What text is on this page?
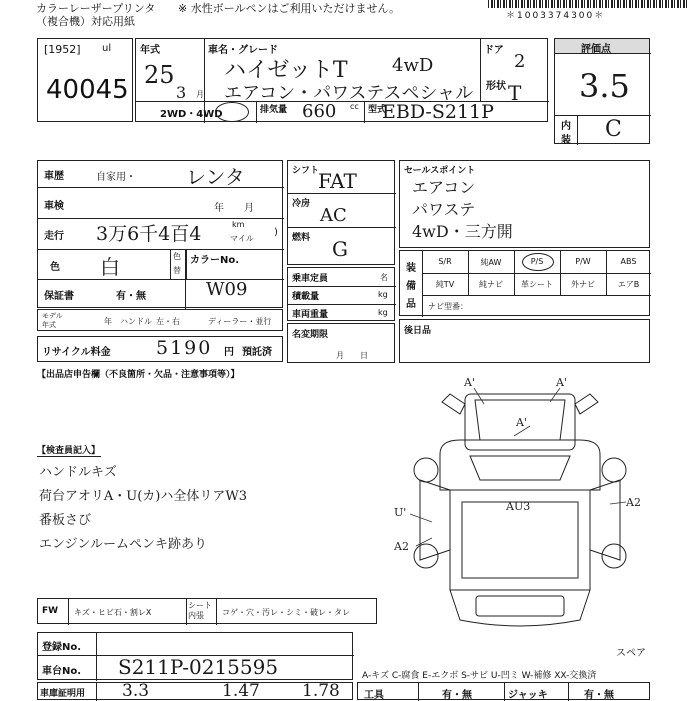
カラーレーザープリンタ
（複合機）対応用紙
※ 水性ボールペンはご利用いただけません。
＊1003374300＊
[1952] ul
40045
年式
25
3 月
車名・グレード
ハイゼットT 4wD
エアコン・パワステスペシャル
ドア
2
形状 T
2WD・4WD	排気量 660 cc 型式
EBD-S211P
評価点
3.5
内
装 C
車歴	自家用・	レンタ
車検	年　　月
走行 3万6千4百4	km
マイル
)
色 白	色
替
カラーNo.
保証書	有・無	W09
モデル
年式	年 ハンドル 左・右	ディーラー・並行
リサイクル料金 5190 円 預託済
シフト
FAT
冷房
AC
燃料 G
乗車定員	名
積載量	kg
車両重量	kg
名変期限
月　　日
セールスポイント
エアコン
パワステ
4wD・三方開
装
備
品
S/R	純AW	P/S	P/W	ABS
純TV	純ナビ	革シート	外ナビ	エアB
ナビ型番：
後日品
【出品店申告欄（不良箇所・欠品・注意事項等）】
【検査員記入】
ハンドルキズ
荷台アオリA・U(カ)ハ全体リアW3
番板さび
エンジンルームペンキ跡あり
A'	A'
A'
U'
A2
AU3	A2
FW キズ・ヒビ石・割レX
シート内張	コゲ・穴・汚レ・シミ・破レ・タレ
スペア
A-キズ C-腐食 E-エクボ S-サビ U-凹ミ W-補修 XX-交換済
登録No.
車台No. S211P-0215595
車庫証明用 3.3	1.47 1.78 工具	有・無	ジャッキ	有・無
